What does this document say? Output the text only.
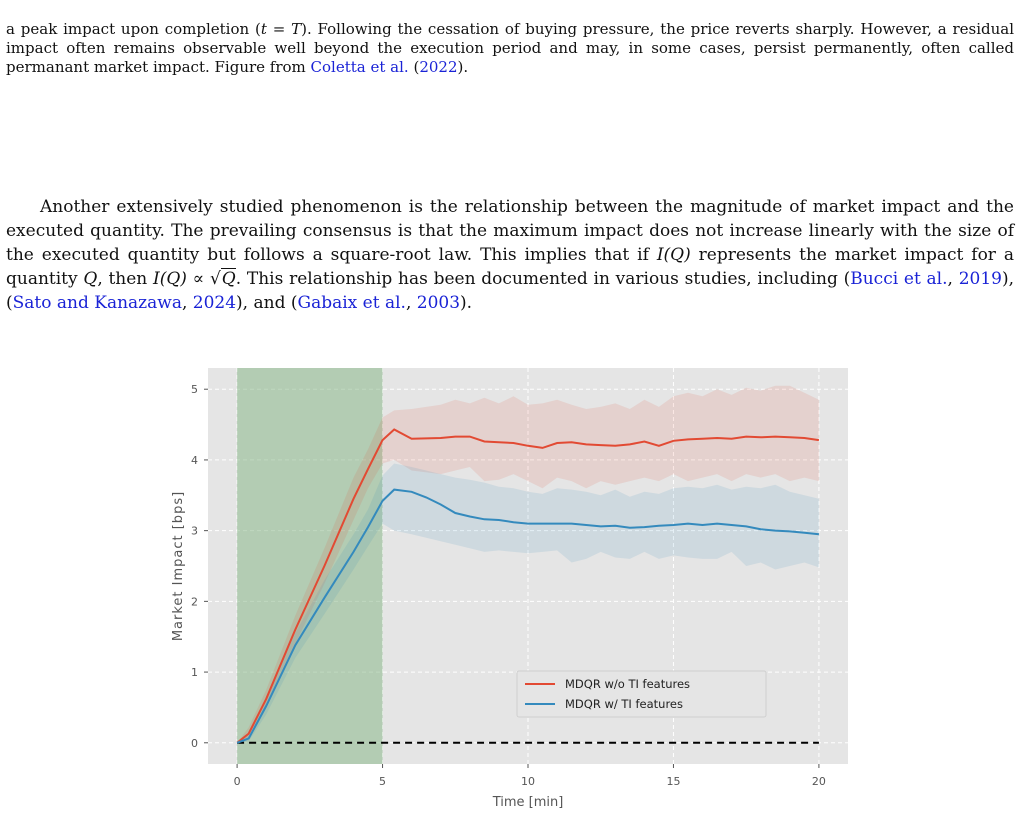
a peak impact upon completion (t = T). Following the cessation of buying pressure, the price reverts sharply. However, a residual impact often remains observable well beyond the execution period and may, in some cases, persist permanently, often called permanant market impact. Figure from Coletta et al. (2022).

Another extensively studied phenomenon is the relationship between the magnitude of market impact and the executed quantity. The prevailing consensus is that the maximum impact does not increase linearly with the size of the executed quantity but follows a square-root law. This implies that if I(Q) represents the market impact for a quantity Q, then I(Q) ∝ √Q. This relationship has been documented in various studies, including (Bucci et al., 2019), (Sato and Kanazawa, 2024), and (Gabaix et al., 2003).

0	5	10	15	20
0
1
2
3
4
5
Time [min]
Market Impact [bps]
MDQR w/o TI features
MDQR w/ TI features
